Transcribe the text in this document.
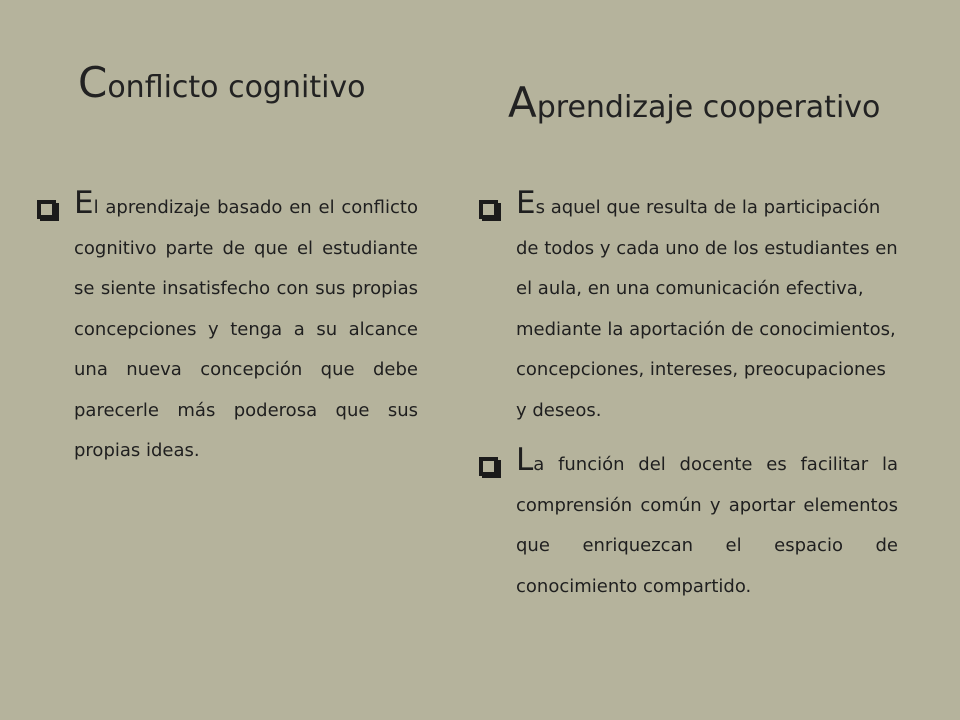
Conflicto cognitivo	Aprendizaje cooperativo

El aprendizaje basado en el conflicto cognitivo parte de que el estudiante se siente insatisfecho con sus propias concepciones y tenga a su alcance una nueva concepción que debe parecerle más poderosa que sus propias ideas.

Es aquel que resulta de la participación de todos y cada uno de los estudiantes en el aula, en una comunicación efectiva, mediante la aportación de conocimientos, concepciones, intereses, preocupaciones y deseos.

La función del docente es facilitar la comprensión común y aportar elementos que enriquezcan el espacio de conocimiento compartido.
